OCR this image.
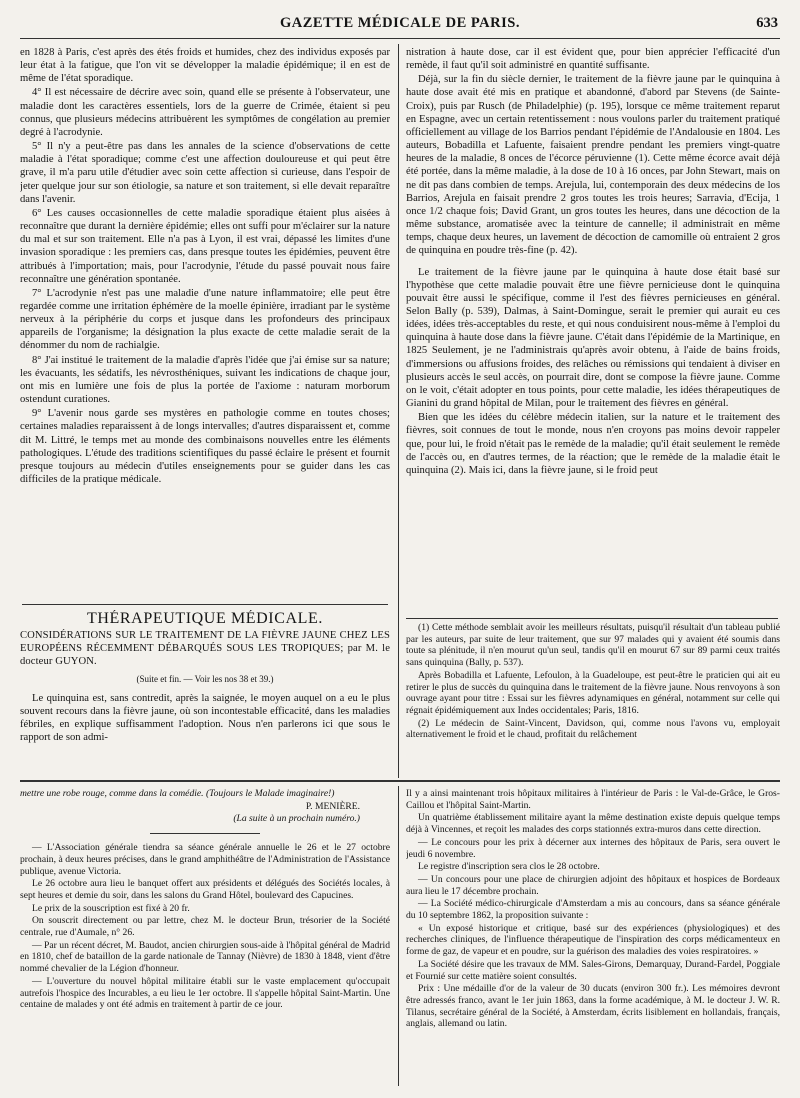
GAZETTE MÉDICALE DE PARIS.	633

en 1828 à Paris, c'est après des étés froids et humides, chez des individus exposés par leur état à la fatigue, que l'on vit se développer la maladie épidémique; il en est de même de l'état sporadique.

4° Il est nécessaire de décrire avec soin, quand elle se présente à l'observateur, une maladie dont les caractères essentiels, lors de la guerre de Crimée, étaient si peu connus, que plusieurs médecins attribuèrent les symptômes de congélation au premier degré à l'acrodynie.

5° Il n'y a peut-être pas dans les annales de la science d'observations de cette maladie à l'état sporadique; comme c'est une affection douloureuse et qui peut être grave, il m'a paru utile d'étudier avec soin cette affection si curieuse, dans l'espoir de jeter quelque jour sur son étiologie, sa nature et son traitement, si elle devait reparaître dans l'avenir.

6° Les causes occasionnelles de cette maladie sporadique étaient plus aisées à reconnaître que durant la dernière épidémie; elles ont suffi pour m'éclairer sur la nature du mal et sur son traitement. Elle n'a pas à Lyon, il est vrai, dépassé les limites d'une invasion sporadique : les premiers cas, dans presque toutes les épidémies, peuvent être attribués à l'importation; mais, pour l'acrodynie, l'étude du passé pouvait nous faire reconnaître une génération spontanée.

7° L'acrodynie n'est pas une maladie d'une nature inflammatoire; elle peut être regardée comme une irritation éphémère de la moelle épinière, irradiant par le système nerveux à la périphérie du corps et jusque dans les profondeurs des principaux appareils de l'organisme; la désignation la plus exacte de cette maladie serait de la dénommer du nom de rachialgie.

8° J'ai institué le traitement de la maladie d'après l'idée que j'ai émise sur sa nature; les évacuants, les sédatifs, les névrosthéniques, suivant les indications de chaque jour, ont mis en lumière une fois de plus la portée de l'axiome : naturam morborum ostendunt curationes.

9° L'avenir nous garde ses mystères en pathologie comme en toutes choses; certaines maladies reparaissent à de longs intervalles; d'autres disparaissent et, comme dit M. Littré, le temps met au monde des combinaisons nouvelles entre les éléments pathologiques. L'étude des traditions scientifiques du passé éclaire le présent et fournit presque toujours au médecin d'utiles enseignements pour se guider dans les cas difficiles de la pratique médicale.

THÉRAPEUTIQUE MÉDICALE.
CONSIDÉRATIONS SUR LE TRAITEMENT DE LA FIÈVRE JAUNE CHEZ LES EUROPÉENS RÉCEMMENT DÉBARQUÉS SOUS LES TROPIQUES; par M. le docteur GUYON.
(Suite et fin. — Voir les nos 38 et 39.)

Le quinquina est, sans contredit, après la saignée, le moyen auquel on a eu le plus souvent recours dans la fièvre jaune, où son incontestable efficacité, dans les maladies fébriles, en explique suffisamment l'adoption. Nous n'en parlerons ici que sous le rapport de son admi-

nistration à haute dose, car il est évident que, pour bien apprécier l'efficacité d'un remède, il faut qu'il soit administré en quantité suffisante.

Déjà, sur la fin du siècle dernier, le traitement de la fièvre jaune par le quinquina à haute dose avait été mis en pratique et abandonné, d'abord par Stevens (de Sainte-Croix), puis par Rusch (de Philadelphie) (p. 195), lorsque ce même traitement reparut en Espagne, avec un certain retentissement : nous voulons parler du traitement pratiqué officiellement au village de los Barrios pendant l'épidémie de l'Andalousie en 1804. Les auteurs, Bobadilla et Lafuente, faisaient prendre pendant les premiers vingt-quatre heures de la maladie, 8 onces de l'écorce péruvienne (1). Cette même écorce avait déjà été portée, dans la même maladie, à la dose de 10 à 16 onces, par John Stewart, mais on ne dit pas dans combien de temps. Arejula, lui, contemporain des deux médecins de los Barrios, Arejula en faisait prendre 2 gros toutes les trois heures; Sarravia, d'Ecija, 1 once 1/2 chaque fois; David Grant, un gros toutes les heures, dans une décoction de la même substance, aromatisée avec la teinture de cannelle; il administrait en même temps, chaque deux heures, un lavement de décoction de camomille où entraient 2 gros de quinquina en poudre très-fine (p. 42).

Le traitement de la fièvre jaune par le quinquina à haute dose était basé sur l'hypothèse que cette maladie pouvait être une fièvre pernicieuse dont le quinquina pouvait être aussi le spécifique, comme il l'est des fièvres pernicieuses en général. Selon Bally (p. 539), Dalmas, à Saint-Domingue, serait le premier qui aurait eu ces idées, idées très-acceptables du reste, et qui nous conduisirent nous-même à l'emploi du quinquina à haute dose dans la fièvre jaune. C'était dans l'épidémie de la Martinique, en 1825 Seulement, je ne l'administrais qu'après avoir obtenu, à l'aide de bains froids, d'immersions ou affusions froides, des relâches ou rémissions qui tendaient à diviser en plusieurs accès le seul accès, on pourrait dire, dont se compose la fièvre jaune. Comme on le voit, c'était adopter en tous points, pour cette maladie, les idées thérapeutiques de Gianini du grand hôpital de Milan, pour le traitement des fièvres en général.

Bien que les idées du célèbre médecin italien, sur la nature et le traitement des fièvres, soit connues de tout le monde, nous n'en croyons pas moins devoir rappeler que, pour lui, le froid n'était pas le remède de la maladie; qu'il était seulement le remède de l'accès ou, en d'autres termes, de la réaction; que le remède de la maladie était le quinquina (2). Mais ici, dans la fièvre jaune, si le froid peut

(1) Cette méthode semblait avoir les meilleurs résultats, puisqu'il résultait d'un tableau publié par les auteurs, par suite de leur traitement, que sur 97 malades qui y avaient été soumis dans toute sa plénitude, il n'en mourut qu'un seul, tandis qu'il en mourut 67 sur 89 parmi ceux traités sans quinquina (Bally, p. 537).

Après Bobadilla et Lafuente, Lefoulon, à la Guadeloupe, est peut-être le praticien qui ait eu retirer le plus de succès du quinquina dans le traitement de la fièvre jaune. Nous renvoyons à son ouvrage ayant pour titre : Essai sur les fièvres adynamiques en général, notamment sur celle qui régnait épidémiquement aux Indes occidentales; Paris, 1816.

(2) Le médecin de Saint-Vincent, Davidson, qui, comme nous l'avons vu, employait alternativement le froid et le chaud, profitait du relâchement

mettre une robe rouge, comme dans la comédie. (Toujours le Malade imaginaire!)

P. MENIÈRE.

(La suite à un prochain numéro.)

— L'Association générale tiendra sa séance générale annuelle le 26 et le 27 octobre prochain, à deux heures précises, dans le grand amphithéâtre de l'Administration de l'Assistance publique, avenue Victoria.

Le 26 octobre aura lieu le banquet offert aux présidents et délégués des Sociétés locales, à sept heures et demie du soir, dans les salons du Grand Hôtel, boulevard des Capucines.

Le prix de la souscription est fixé à 20 fr.

On souscrit directement ou par lettre, chez M. le docteur Brun, trésorier de la Société centrale, rue d'Aumale, n° 26.

— Par un récent décret, M. Baudot, ancien chirurgien sous-aide à l'hôpital général de Madrid en 1810, chef de bataillon de la garde nationale de Tannay (Nièvre) de 1830 à 1848, vient d'être nommé chevalier de la Légion d'honneur.

— L'ouverture du nouvel hôpital militaire établi sur le vaste emplacement qu'occupait autrefois l'hospice des Incurables, a eu lieu le 1er octobre. Il s'appelle hôpital Saint-Martin. Une centaine de malades y ont été admis en traitement à partir de ce jour.

Il y a ainsi maintenant trois hôpitaux militaires à l'intérieur de Paris : le Val-de-Grâce, le Gros-Caillou et l'hôpital Saint-Martin.

Un quatrième établissement militaire ayant la même destination existe depuis quelque temps déjà à Vincennes, et reçoit les malades des corps stationnés extra-muros dans cette direction.

— Le concours pour les prix à décerner aux internes des hôpitaux de Paris, sera ouvert le jeudi 6 novembre.

Le registre d'inscription sera clos le 28 octobre.

— Un concours pour une place de chirurgien adjoint des hôpitaux et hospices de Bordeaux aura lieu le 17 décembre prochain.

— La Société médico-chirurgicale d'Amsterdam a mis au concours, dans sa séance générale du 10 septembre 1862, la proposition suivante :

« Un exposé historique et critique, basé sur des expériences (physiologiques) et des recherches cliniques, de l'influence thérapeutique de l'inspiration des corps médicamenteux en forme de gaz, de vapeur et en poudre, sur la guérison des maladies des voies respiratoires. »

La Société désire que les travaux de MM. Sales-Girons, Demarquay, Durand-Fardel, Poggiale et Fournié sur cette matière soient consultés.

Prix : Une médaille d'or de la valeur de 30 ducats (environ 300 fr.). Les mémoires devront être adressés franco, avant le 1er juin 1863, dans la forme académique, à M. le docteur J. W. R. Tilanus, secrétaire général de la Société, à Amsterdam, écrits lisiblement en hollandais, français, anglais, allemand ou latin.
